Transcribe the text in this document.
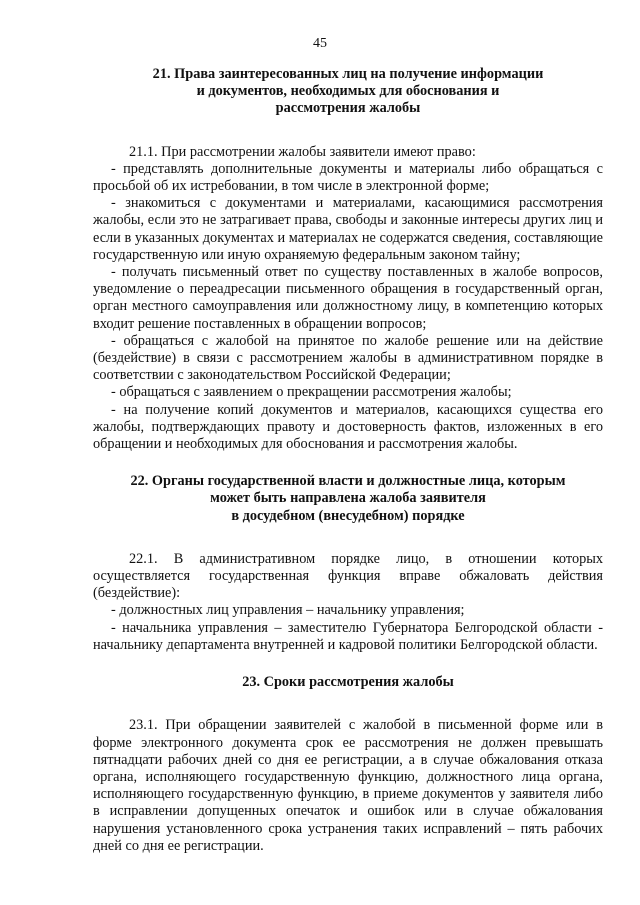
45
21. Права заинтересованных лиц на получение информации
и документов, необходимых для обоснования и
рассмотрения жалобы

21.1. При рассмотрении жалобы заявители имеют право:

- представлять дополнительные документы и материалы либо обращаться с просьбой об их истребовании, в том числе в электронной форме;

- знакомиться с документами и материалами, касающимися рассмотрения жалобы, если это не затрагивает права, свободы и законные интересы других лиц и если в указанных документах и материалах не содержатся сведения, составляющие государственную или иную охраняемую федеральным законом тайну;

- получать письменный ответ по существу поставленных в жалобе вопросов, уведомление о переадресации письменного обращения в государственный орган, орган местного самоуправления или должностному лицу, в компетенцию которых входит решение поставленных в обращении вопросов;

- обращаться с жалобой на принятое по жалобе решение или на действие (бездействие) в связи с рассмотрением жалобы в административном порядке в соответствии с законодательством Российской Федерации;

- обращаться с заявлением о прекращении рассмотрения жалобы;

- на получение копий документов и материалов, касающихся существа его жалобы, подтверждающих правоту и достоверность фактов, изложенных в его обращении и необходимых для обоснования и рассмотрения жалобы.

22. Органы государственной власти и должностные лица, которым
может быть направлена жалоба заявителя
в досудебном (внесудебном) порядке

22.1. В административном порядке лицо, в отношении которых осуществляется государственная функция вправе обжаловать действия (бездействие):

- должностных лиц управления – начальнику управления;

- начальника управления – заместителю Губернатора Белгородской области - начальнику департамента внутренней и кадровой политики Белгородской области.

23. Сроки рассмотрения жалобы

23.1. При обращении заявителей с жалобой в письменной форме или в форме электронного документа срок ее рассмотрения не должен превышать пятнадцати рабочих дней со дня ее регистрации, а в случае обжалования отказа органа, исполняющего государственную функцию, должностного лица органа, исполняющего государственную функцию, в приеме документов у заявителя либо в исправлении допущенных опечаток и ошибок или в случае обжалования нарушения установленного срока устранения таких исправлений – пять рабочих дней со дня ее регистрации.
